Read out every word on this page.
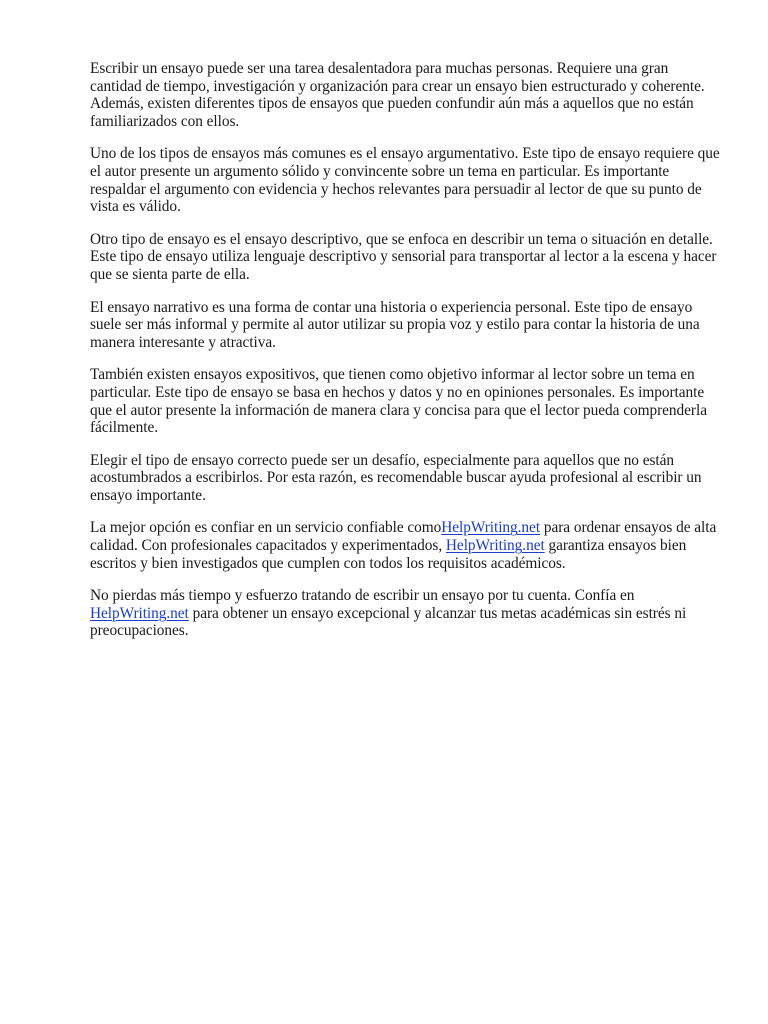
Escribir un ensayo puede ser una tarea desalentadora para muchas personas. Requiere una gran cantidad de tiempo, investigación y organización para crear un ensayo bien estructurado y coherente. Además, existen diferentes tipos de ensayos que pueden confundir aún más a aquellos que no están familiarizados con ellos.

Uno de los tipos de ensayos más comunes es el ensayo argumentativo. Este tipo de ensayo requiere que el autor presente un argumento sólido y convincente sobre un tema en particular. Es importante respaldar el argumento con evidencia y hechos relevantes para persuadir al lector de que su punto de vista es válido.

Otro tipo de ensayo es el ensayo descriptivo, que se enfoca en describir un tema o situación en detalle. Este tipo de ensayo utiliza lenguaje descriptivo y sensorial para transportar al lector a la escena y hacer que se sienta parte de ella.

El ensayo narrativo es una forma de contar una historia o experiencia personal. Este tipo de ensayo suele ser más informal y permite al autor utilizar su propia voz y estilo para contar la historia de una manera interesante y atractiva.

También existen ensayos expositivos, que tienen como objetivo informar al lector sobre un tema en particular. Este tipo de ensayo se basa en hechos y datos y no en opiniones personales. Es importante que el autor presente la información de manera clara y concisa para que el lector pueda comprenderla fácilmente.

Elegir el tipo de ensayo correcto puede ser un desafío, especialmente para aquellos que no están acostumbrados a escribirlos. Por esta razón, es recomendable buscar ayuda profesional al escribir un ensayo importante.

La mejor opción es confiar en un servicio confiable comoHelpWriting.net para ordenar ensayos de alta calidad. Con profesionales capacitados y experimentados, HelpWriting.net garantiza ensayos bien escritos y bien investigados que cumplen con todos los requisitos académicos.

No pierdas más tiempo y esfuerzo tratando de escribir un ensayo por tu cuenta. Confía en HelpWriting.net para obtener un ensayo excepcional y alcanzar tus metas académicas sin estrés ni preocupaciones.
